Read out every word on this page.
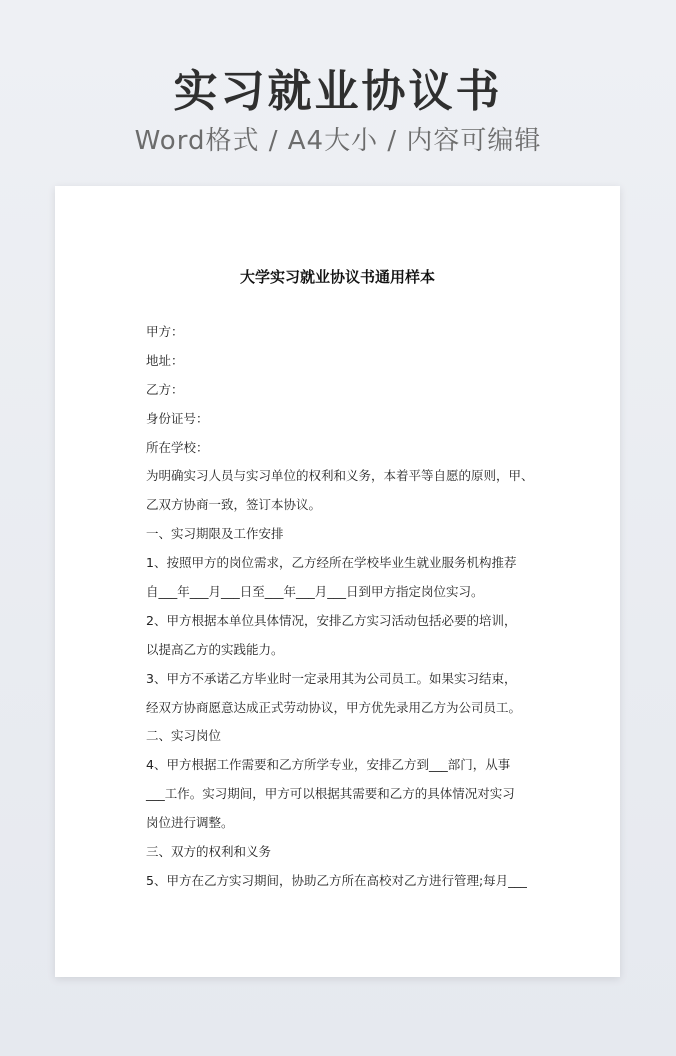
实习就业协议书
Word格式 / A4大小 / 内容可编辑
大学实习就业协议书通用样本
甲方：
地址：
乙方：
身份证号：
所在学校：
为明确实习人员与实习单位的权利和义务，本着平等自愿的原则，甲、
乙双方协商一致，签订本协议。
一、实习期限及工作安排
1、按照甲方的岗位需求，乙方经所在学校毕业生就业服务机构推荐
自___年___月___日至___年___月___日到甲方指定岗位实习。
2、甲方根据本单位具体情况，安排乙方实习活动包括必要的培训，
以提高乙方的实践能力。
3、甲方不承诺乙方毕业时一定录用其为公司员工。如果实习结束，
经双方协商愿意达成正式劳动协议，甲方优先录用乙方为公司员工。
二、实习岗位
4、甲方根据工作需要和乙方所学专业，安排乙方到___部门，从事
___工作。实习期间，甲方可以根据其需要和乙方的具体情况对实习
岗位进行调整。
三、双方的权利和义务
5、甲方在乙方实习期间，协助乙方所在高校对乙方进行管理;每月___
